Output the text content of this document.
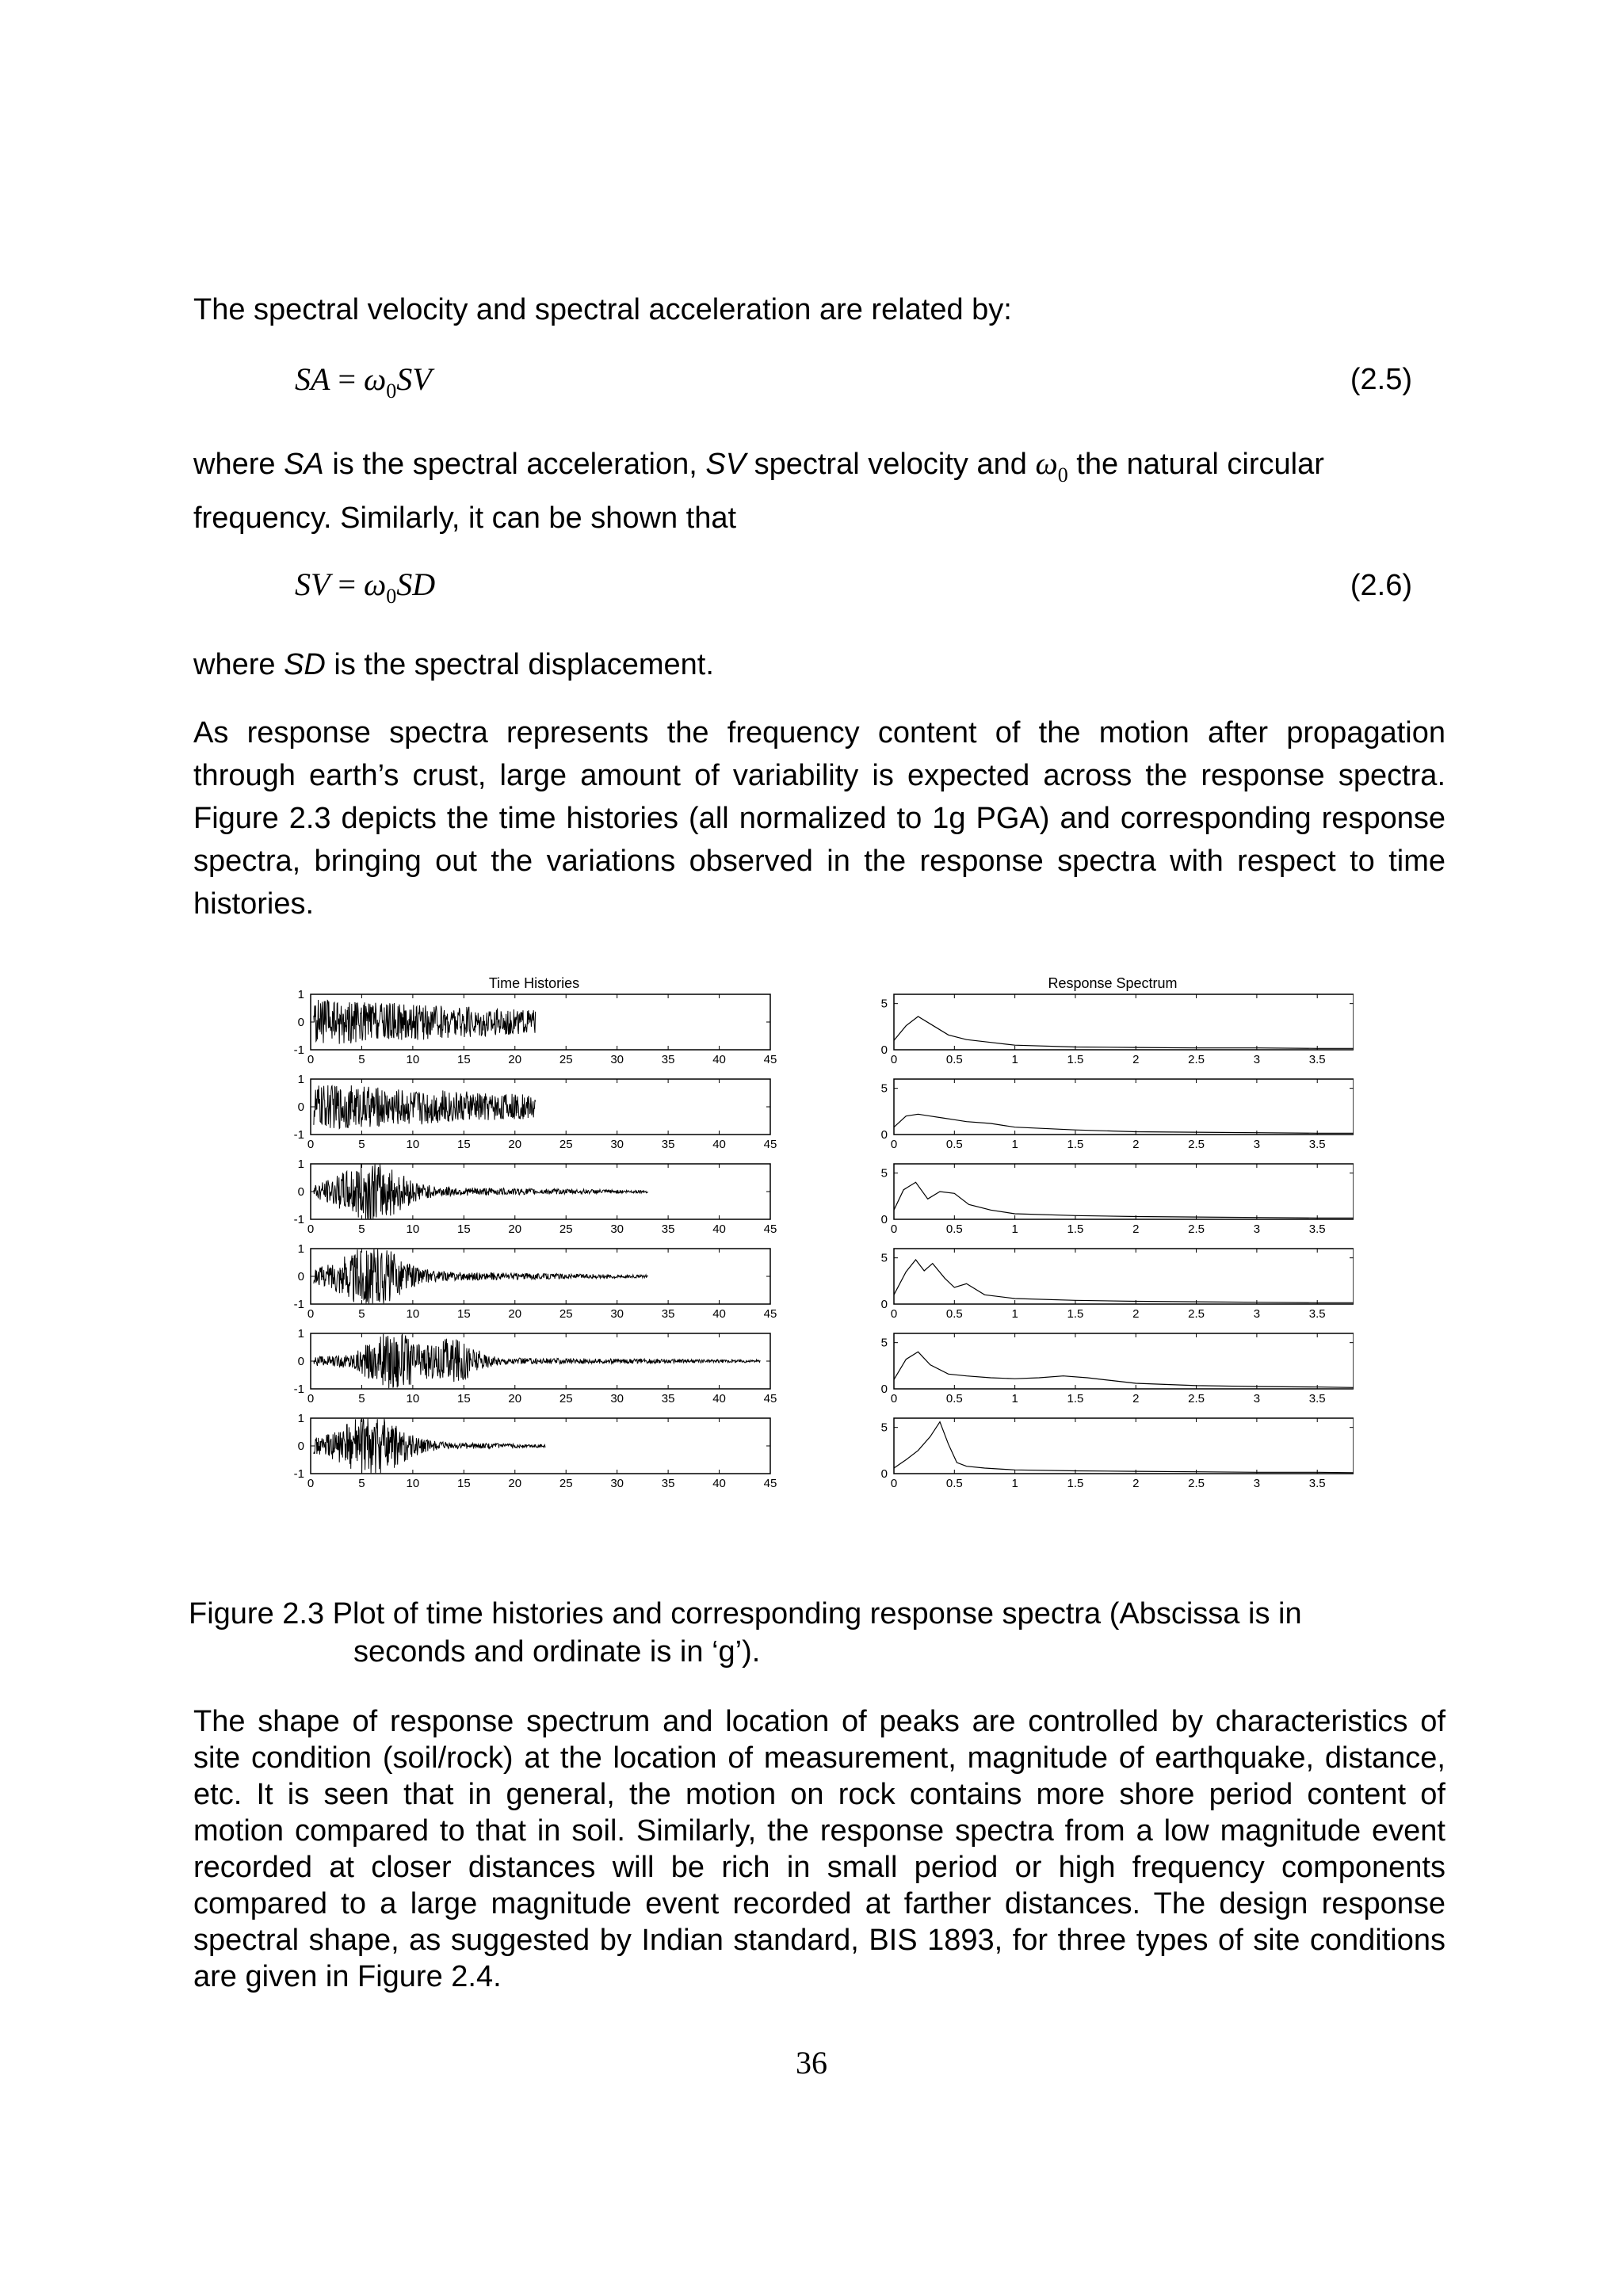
The spectral velocity and spectral acceleration are related by:
SA = $\omega_0SV$	(2.5)
where SA is the spectral acceleration, SV spectral velocity and $\omega_0$ the natural circular frequency. Similarly, it can be shown that
SV = $\omega_0SD$	(2.6)
where SD is the spectral displacement.
As response spectra represents the frequency content of the motion after propagation through earth’s crust, large amount of variability is expected across the response spectra. Figure 2.3 depicts the time histories (all normalized to 1g PGA) and corresponding response spectra, bringing out the variations observed in the response spectra with respect to time histories.
Time Histories
0	5	10	15	20	25	30	35	40	45
1
0
-1
0	5	10	15	20	25	30	35	40	45
1
0
-1
0	5	10	15	20	25	30	35	40	45
1
0
-1
0	5	10	15	20	25	30	35	40	45
1
0
-1
0	5	10	15	20	25	30	35	40	45
1
0
-1
0	5	10	15	20	25	30	35	40	45
1
0
-1
Response Spectrum
0	0.5	1	1.5	2	2.5	3	3.5
5
0
0	0.5	1	1.5	2	2.5	3	3.5
5
0
0	0.5	1	1.5	2	2.5	3	3.5
5
0
0	0.5	1	1.5	2	2.5	3	3.5
5
0
0	0.5	1	1.5	2	2.5	3	3.5
5
0
0	0.5	1	1.5	2	2.5	3	3.5
5
0
Figure 2.3 Plot of time histories and corresponding response spectra (Abscissa is in
seconds and ordinate is in ‘g’).
The shape of response spectrum and location of peaks are controlled by characteristics of site condition (soil/rock) at the location of measurement, magnitude of earthquake, distance, etc. It is seen that in general, the motion on rock contains more shore period content of motion compared to that in soil. Similarly, the response spectra from a low magnitude event recorded at closer distances will be rich in small period or high frequency components compared to a large magnitude event recorded at farther distances. The design response spectral shape, as suggested by Indian standard, BIS 1893, for three types of site conditions are given in Figure 2.4.
36
